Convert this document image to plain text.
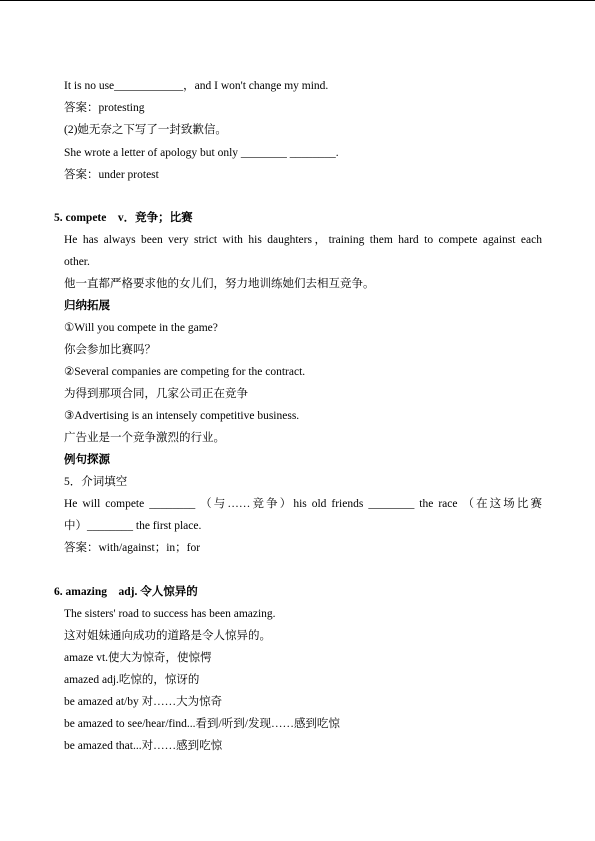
It is no use____________，and I won't change my mind.
答案：protesting
(2)她无奈之下写了一封致歉信。
She wrote a letter of apology but only ________ ________.
答案：under protest
5. compete　v．竞争；比赛
He has always been very strict with his daughters，training them hard to compete against each
other.
他一直都严格要求他的女儿们，努力地训练她们去相互竞争。
归纳拓展
①Will you compete in the game?
你会参加比赛吗？
②Several companies are competing for the contract.
为得到那项合同，几家公司正在竞争
③Advertising is an intensely competitive business.
广告业是一个竞争激烈的行业。
例句探源
5．介词填空
He will compete ________ （与……竞争）his old friends ________ the race （在这场比赛
中）________ the first place.
答案：with/against；in；for
6. amazing　adj. 令人惊异的
The sisters' road to success has been amazing.
这对姐妹通向成功的道路是令人惊异的。
amaze vt.使大为惊奇，使惊愕
amazed adj.吃惊的，惊讶的
be amazed at/by 对……大为惊奇
be amazed to see/hear/find...看到/听到/发现……感到吃惊
be amazed that...对……感到吃惊
